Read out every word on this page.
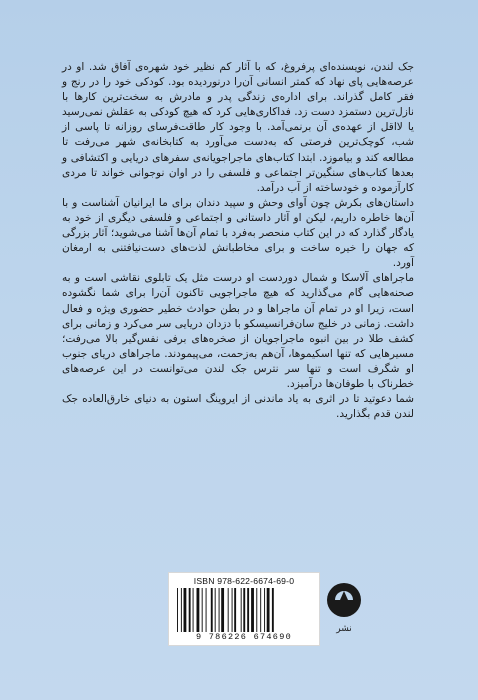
جک لندن، نویسنده‌ای پرفروغ، که با آثار کم نظیر خود شهره‌ی آفاق شد. او در عرصه‌هایی پای نهاد که کمتر انسانی آن‌را درنوردیده بود. کودکی خود را در رنج و فقر کامل گذراند. برای اداره‌ی زندگی پدر و مادرش به سخت‌ترین کارها با نازل‌ترین دستمزد دست زد. فداکاری‌هایی کرد که هیچ کودکی به عقلش نمی‌رسید یا لااقل از عهده‌ی آن برنمی‌آمد. با وجود کار طاقت‌فرسای روزانه تا پاسی از شب، کوچک‌ترین فرصتی که به‌دست می‌آورد به کتابخانه‌ی شهر می‌رفت تا مطالعه کند و بیاموزد. ابتدا کتاب‌های ماجراجویانه‌ی سفرهای دریایی و اکتشافی و بعدها کتاب‌های سنگین‌تر اجتماعی و فلسفی را در اوان نوجوانی خواند تا مردی کارآزموده و خودساخته از آب درآمد.

داستان‌های بکرش چون آوای وحش و سپید دندان برای ما ایرانیان آشناست و با آن‌ها خاطره داریم، لیکن او آثار داستانی و اجتماعی و فلسفی دیگری از خود به یادگار گذارد که در این کتاب منحصر به‌فرد با تمام آن‌ها آشنا می‌شوید؛ آثار بزرگی که جهان را خیره ساخت و برای مخاطبانش لذت‌های دست‌نیافتنی به ارمغان آورد.

ماجراهای آلاسکا و شمال دوردست او درست مثل یک تابلوی نقاشی است و به صحنه‌هایی گام می‌گذارید که هیچ ماجراجویی تاکنون آن‌را برای شما نگشوده است، زیرا او در تمام آن ماجراها و در بطن حوادث خطیر حضوری ویژه و فعال داشت. زمانی در خلیج سان‌فرانسیسکو با دزدان دریایی سر می‌کرد و زمانی برای کشف طلا در بین انبوه ماجراجویان از صخره‌های برفی نفس‌گیر بالا می‌رفت؛ مسیرهایی که تنها اسکیموها، آن‌هم به‌زحمت، می‌پیمودند. ماجراهای دریای جنوب او شگرف است و تنها سر نترس جک لندن می‌توانست در این عرصه‌های خطرناک با طوفان‌ها درآمیزد.

شما دعوتید تا در اثری به یاد ماندنی از ایروینگ استون به دنیای خارق‌العاده جک لندن قدم بگذارید.

ISBN 978-622-6674-69-0
9 786226 674690
نشر
